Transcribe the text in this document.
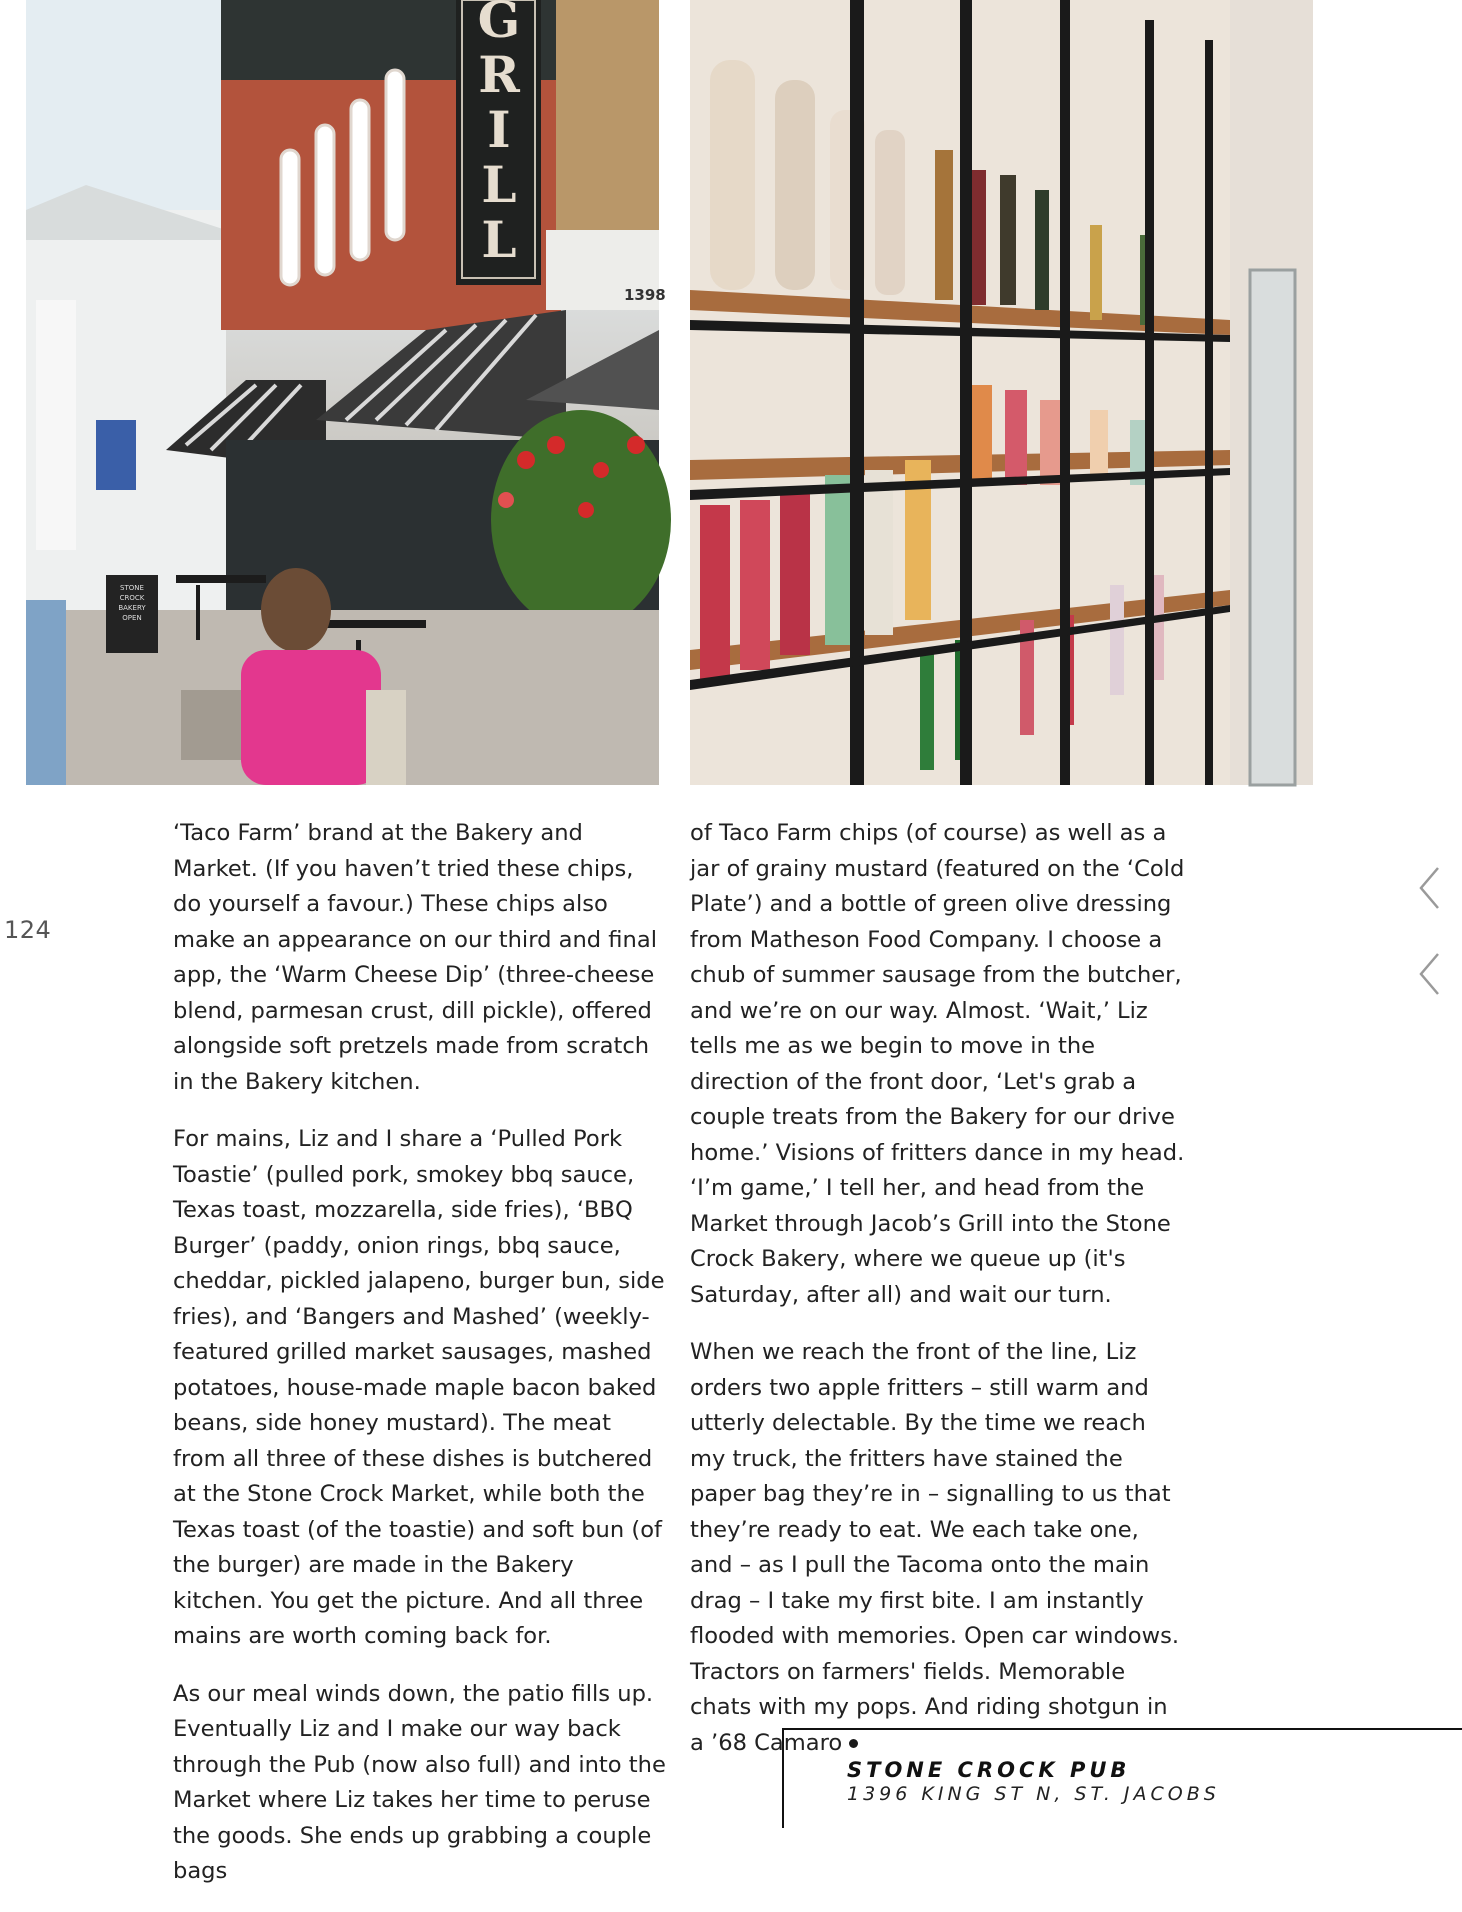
G
R
I
L
L
1398
STONE CROCK
BAKERY
OPEN
124

‘Taco Farm’ brand at the Bakery and Market. (If you haven’t tried these chips, do yourself a favour.) These chips also make an appearance on our third and final app, the ‘Warm Cheese Dip’ (three-cheese blend, parmesan crust, dill pickle), offered alongside soft pretzels made from scratch in the Bakery kitchen.

For mains, Liz and I share a ‘Pulled Pork Toastie’ (pulled pork, smokey bbq sauce, Texas toast, mozzarella, side fries), ‘BBQ Burger’ (paddy, onion rings, bbq sauce, cheddar, pickled jalapeno, burger bun, side fries), and ‘Bangers and Mashed’ (weekly-featured grilled market sausages, mashed potatoes, house-made maple bacon baked beans, side honey mustard). The meat from all three of these dishes is butchered at the Stone Crock Market, while both the Texas toast (of the toastie) and soft bun (of the burger) are made in the Bakery kitchen. You get the picture. And all three mains are worth coming back for.

As our meal winds down, the patio fills up. Eventually Liz and I make our way back through the Pub (now also full) and into the Market where Liz takes her time to peruse the goods. She ends up grabbing a couple bags

of Taco Farm chips (of course) as well as a jar of grainy mustard (featured on the ‘Cold Plate’) and a bottle of green olive dressing from Matheson Food Company. I choose a chub of summer sausage from the butcher, and we’re on our way. Almost. ‘Wait,’ Liz tells me as we begin to move in the direction of the front door, ‘Let's grab a couple treats from the Bakery for our drive home.’ Visions of fritters dance in my head. ‘I’m game,’ I tell her, and head from the Market through Jacob’s Grill into the Stone Crock Bakery, where we queue up (it's Saturday, after all) and wait our turn.

When we reach the front of the line, Liz orders two apple fritters – still warm and utterly delectable. By the time we reach my truck, the fritters have stained the paper bag they’re in – signalling to us that they’re ready to eat. We each take one, and – as I pull the Tacoma onto the main drag – I take my first bite. I am instantly flooded with memories. Open car windows. Tractors on farmers' fields. Memorable chats with my pops. And riding shotgun in a ’68 Camaro

STONE CROCK PUB
1396 KING ST N, ST. JACOBS
